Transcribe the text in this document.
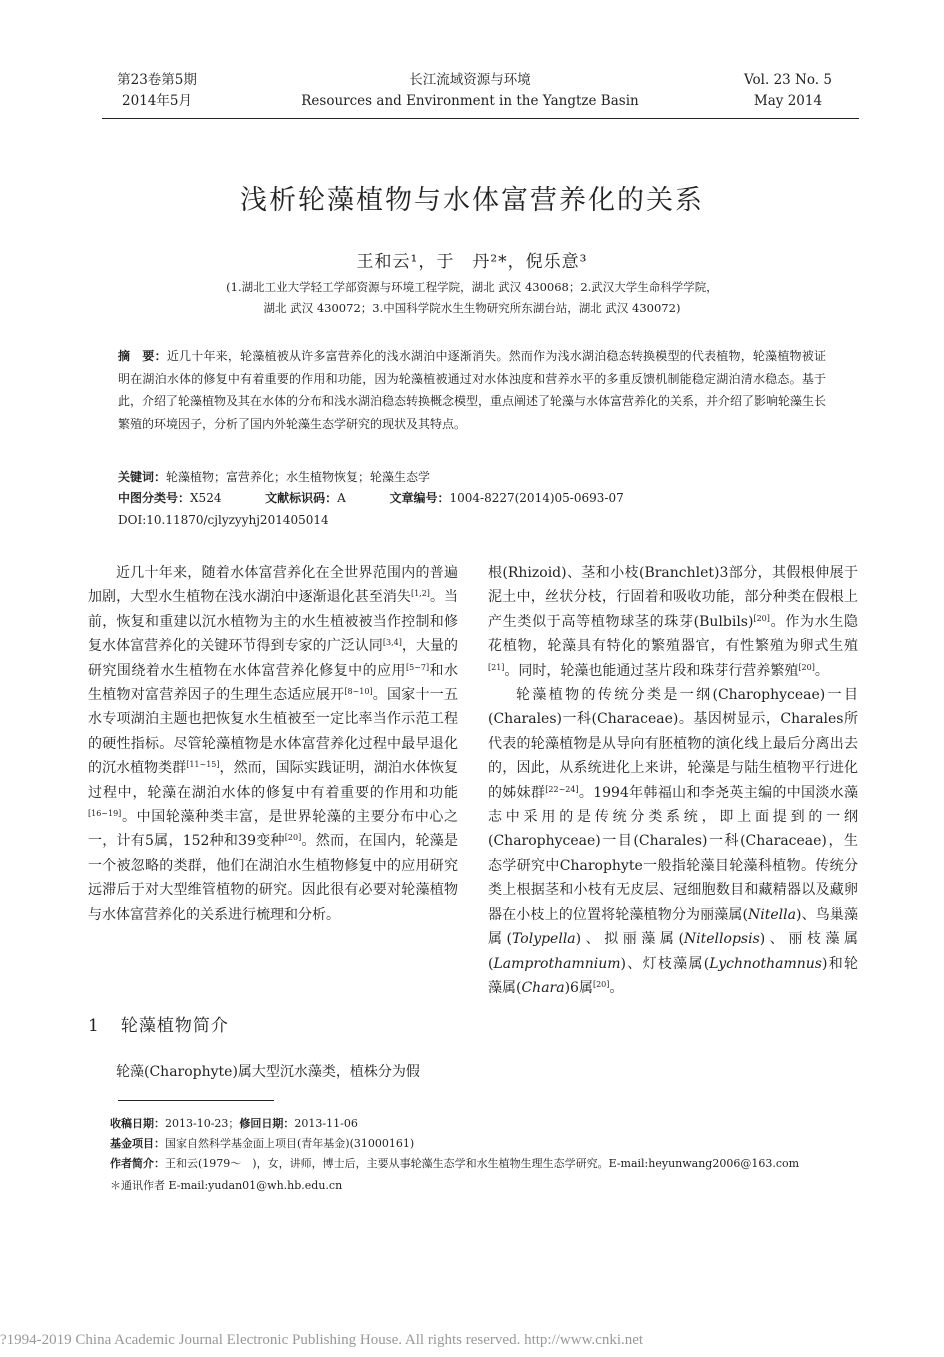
第23卷第5期
2014年5月
长江流域资源与环境
Resources and Environment in the Yangtze Basin
Vol. 23 No. 5
May 2014
浅析轮藻植物与水体富营养化的关系
王和云¹，于　丹²*，倪乐意³
(1.湖北工业大学轻工学部资源与环境工程学院，湖北 武汉 430068；2.武汉大学生命科学学院，
湖北 武汉 430072；3.中国科学院水生生物研究所东湖台站，湖北 武汉 430072)
摘　要：近几十年来，轮藻植被从许多富营养化的浅水湖泊中逐渐消失。然而作为浅水湖泊稳态转换模型的代表植物，轮藻植物被证明在湖泊水体的修复中有着重要的作用和功能，因为轮藻植被通过对水体浊度和营养水平的多重反馈机制能稳定湖泊清水稳态。基于此，介绍了轮藻植物及其在水体的分布和浅水湖泊稳态转换概念模型，重点阐述了轮藻与水体富营养化的关系，并介绍了影响轮藻生长繁殖的环境因子，分析了国内外轮藻生态学研究的现状及其特点。
关键词：轮藻植物；富营养化；水生植物恢复；轮藻生态学
中图分类号：X524	文献标识码：A	文章编号：1004-8227(2014)05-0693-07
DOI:10.11870/cjlyzyyhj201405014

近几十年来，随着水体富营养化在全世界范围内的普遍加剧，大型水生植物在浅水湖泊中逐渐退化甚至消失[1,2]。当前，恢复和重建以沉水植物为主的水生植被被当作控制和修复水体富营养化的关键环节得到专家的广泛认同[3,4]，大量的研究围绕着水生植物在水体富营养化修复中的应用[5~7]和水生植物对富营养因子的生理生态适应展开[8~10]。国家十一五水专项湖泊主题也把恢复水生植被至一定比率当作示范工程的硬性指标。尽管轮藻植物是水体富营养化过程中最早退化的沉水植物类群[11~15]，然而，国际实践证明，湖泊水体恢复过程中，轮藻在湖泊水体的修复中有着重要的作用和功能[16~19]。中国轮藻种类丰富，是世界轮藻的主要分布中心之一，计有5属，152种和39变种[20]。然而，在国内，轮藻是一个被忽略的类群，他们在湖泊水生植物修复中的应用研究远滞后于对大型维管植物的研究。因此很有必要对轮藻植物与水体富营养化的关系进行梳理和分析。

1 轮藻植物简介
轮藻(Charophyte)属大型沉水藻类，植株分为假

根(Rhizoid)、茎和小枝(Branchlet)3部分，其假根伸展于泥土中，丝状分枝，行固着和吸收功能，部分种类在假根上产生类似于高等植物球茎的珠芽(Bulbils)[20]。作为水生隐花植物，轮藻具有特化的繁殖器官，有性繁殖为卵式生殖[21]。同时，轮藻也能通过茎片段和珠芽行营养繁殖[20]。

轮藻植物的传统分类是一纲(Charophyceae)一目(Charales)一科(Characeae)。基因树显示，Charales所代表的轮藻植物是从导向有胚植物的演化线上最后分离出去的，因此，从系统进化上来讲，轮藻是与陆生植物平行进化的姊妹群[22~24]。1994年韩福山和李尧英主编的中国淡水藻志中采用的是传统分类系统，即上面提到的一纲(Charophyceae)一目(Charales)一科(Characeae)，生态学研究中Charophyte一般指轮藻目轮藻科植物。传统分类上根据茎和小枝有无皮层、冠细胞数目和藏精器以及藏卵器在小枝上的位置将轮藻植物分为丽藻属(Nitella)、鸟巢藻属(Tolypella)、拟丽藻属(Nitellopsis)、丽枝藻属(Lamprothamnium)、灯枝藻属(Lychnothamnus)和轮藻属(Chara)6属[20]。

收稿日期：2013-10-23；修回日期：2013-11-06
基金项目：国家自然科学基金面上项目(青年基金)(31000161)
作者简介：王和云(1979～　)，女，讲师，博士后，主要从事轮藻生态学和水生植物生理生态学研究。E-mail:heyunwang2006@163.com
＊通讯作者 E-mail:yudan01@wh.hb.edu.cn
?1994-2019 China Academic Journal Electronic Publishing House. All rights reserved. http://www.cnki.net
